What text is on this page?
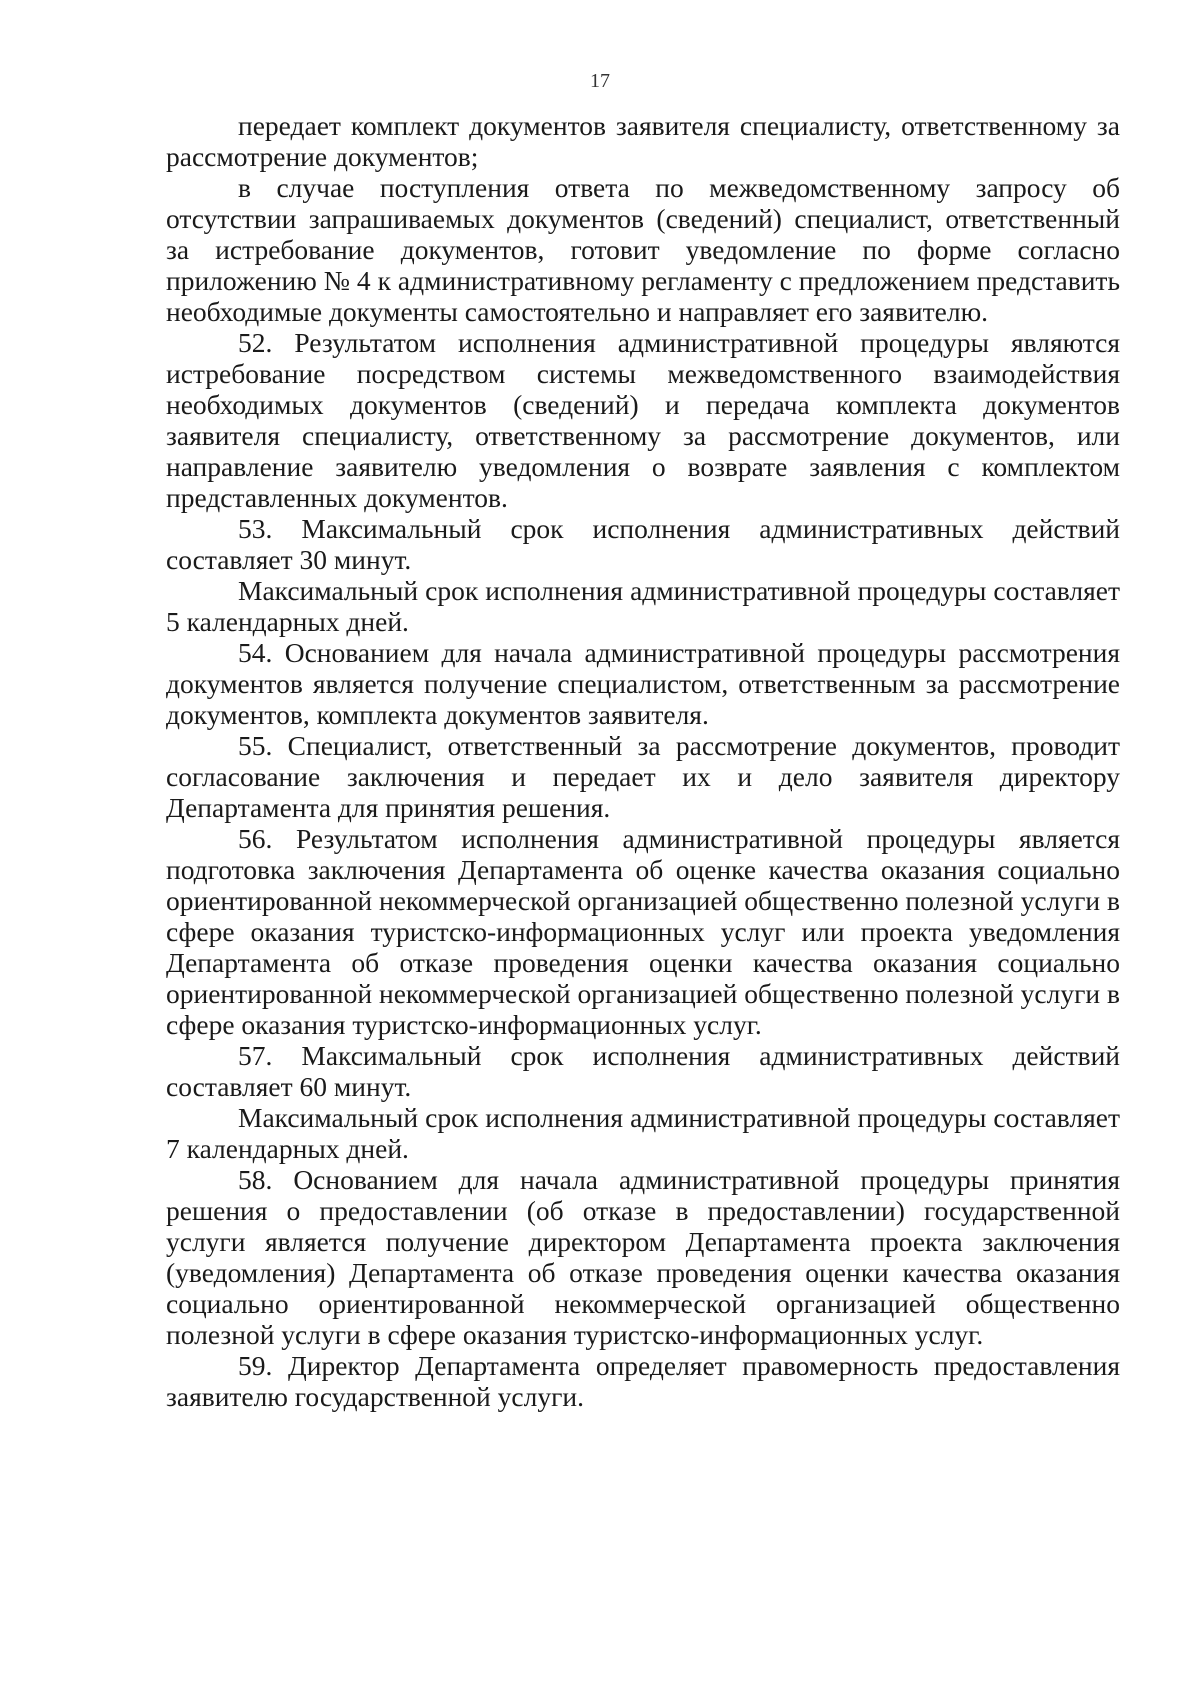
17

передает комплект документов заявителя специалисту, ответственному за рассмотрение документов;

в случае поступления ответа по межведомственному запросу об отсутствии запрашиваемых документов (сведений) специалист, ответственный за истребование документов, готовит уведомление по форме согласно приложению № 4 к административному регламенту с предложением представить необходимые документы самостоятельно и направляет его заявителю.

52. Результатом исполнения административной процедуры являются истребование посредством системы межведомственного взаимодействия необходимых документов (сведений) и передача комплекта документов заявителя специалисту, ответственному за рассмотрение документов, или направление заявителю уведомления о возврате заявления с комплектом представленных документов.

53. Максимальный срок исполнения административных действий составляет 30 минут.

Максимальный срок исполнения административной процедуры составляет 5 календарных дней.

54. Основанием для начала административной процедуры рассмотрения документов является получение специалистом, ответственным за рассмотрение документов, комплекта документов заявителя.

55. Специалист, ответственный за рассмотрение документов, проводит согласование заключения и передает их и дело заявителя директору Департамента для принятия решения.

56. Результатом исполнения административной процедуры является подготовка заключения Департамента об оценке качества оказания социально ориентированной некоммерческой организацией общественно полезной услуги в сфере оказания туристско-информационных услуг или проекта уведомления Департамента об отказе проведения оценки качества оказания социально ориентированной некоммерческой организацией общественно полезной услуги в сфере оказания туристско-информационных услуг.

57. Максимальный срок исполнения административных действий составляет 60 минут.

Максимальный срок исполнения административной процедуры составляет 7 календарных дней.

58. Основанием для начала административной процедуры принятия решения о предоставлении (об отказе в предоставлении) государственной услуги является получение директором Департамента проекта заключения (уведомления) Департамента об отказе проведения оценки качества оказания социально ориентированной некоммерческой организацией общественно полезной услуги в сфере оказания туристско-информационных услуг.

59. Директор Департамента определяет правомерность предоставления заявителю государственной услуги.
